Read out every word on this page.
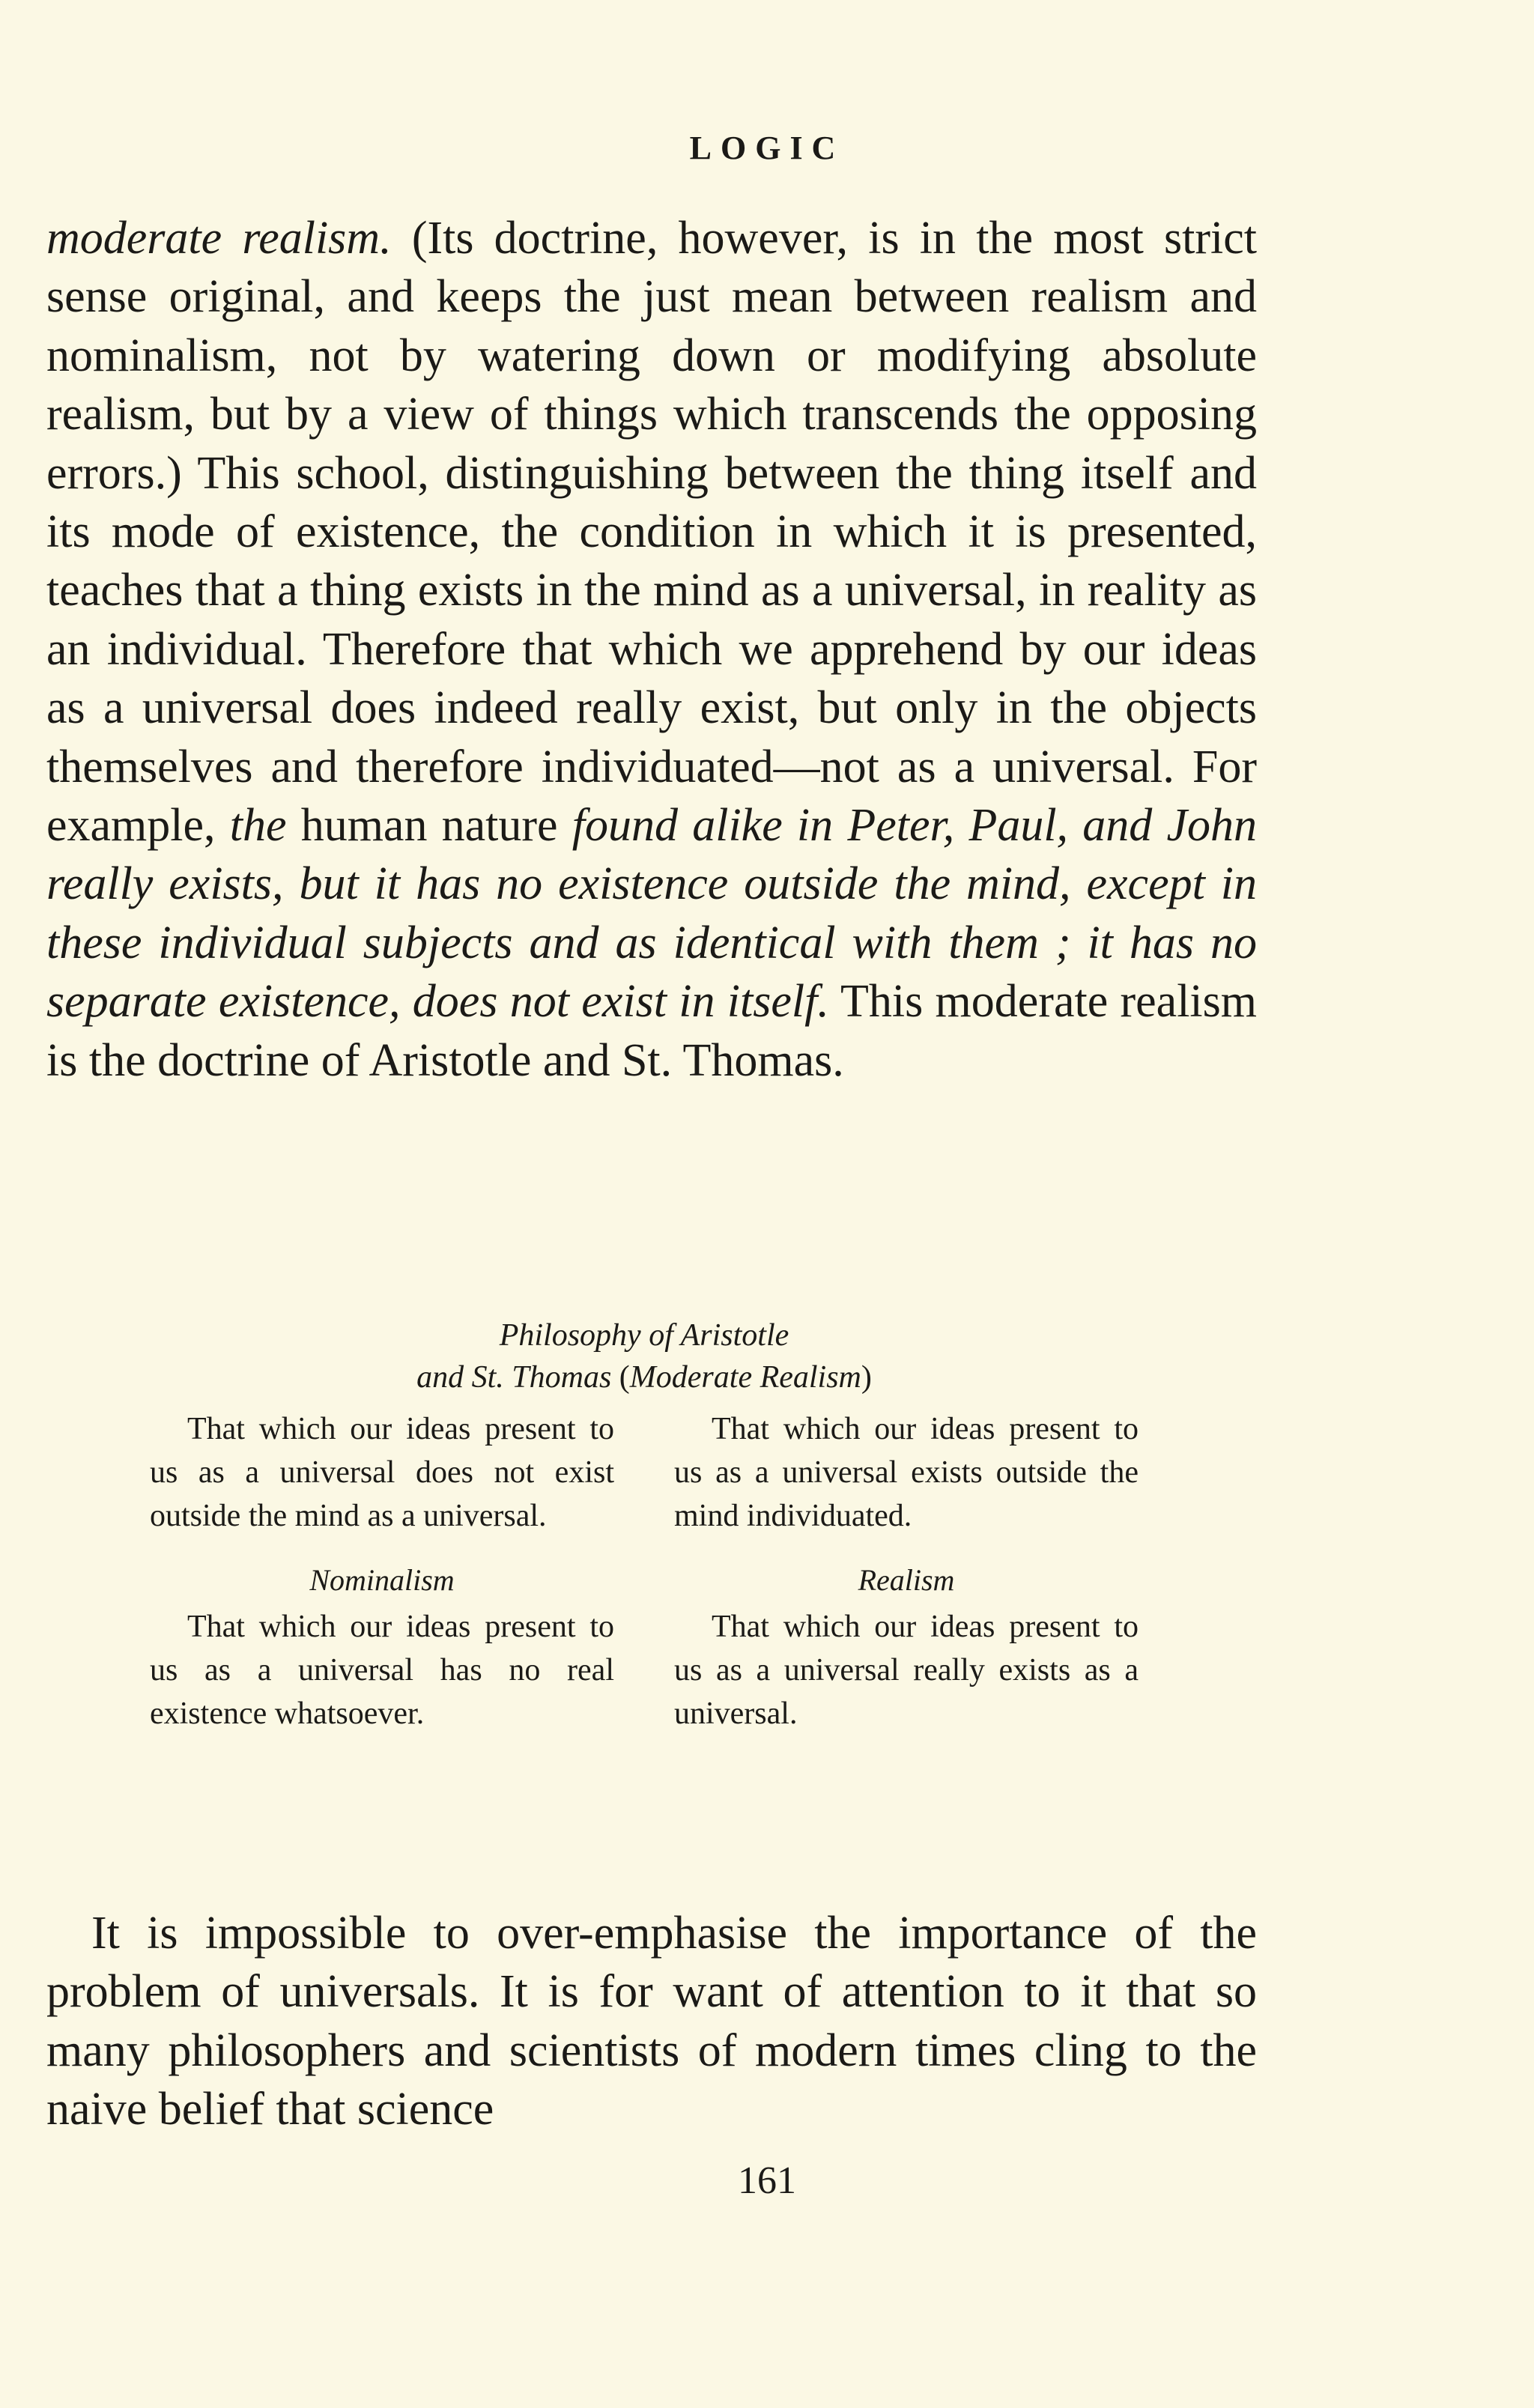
LOGIC

moderate realism. (Its doctrine, however, is in the most strict sense original, and keeps the just mean between realism and nominalism, not by watering down or modifying absolute realism, but by a view of things which transcends the opposing errors.) This school, distinguishing between the thing itself and its mode of existence, the condition in which it is presented, teaches that a thing exists in the mind as a universal, in reality as an individual. Therefore that which we apprehend by our ideas as a universal does indeed really exist, but only in the objects themselves and therefore individuated—not as a universal. For example, the human nature found alike in Peter, Paul, and John really exists, but it has no existence outside the mind, except in these individual subjects and as identical with them ; it has no separate existence, does not exist in itself. This moderate realism is the doctrine of Aristotle and St. Thomas.

Philosophy of Aristotle
and St. Thomas (Moderate Realism)
That which our ideas present to us as a universal does not exist outside the mind as a universal.
That which our ideas present to us as a universal exists outside the mind individuated.
Nominalism
That which our ideas present to us as a universal has no real existence whatsoever.
Realism
That which our ideas present to us as a universal really exists as a universal.

It is impossible to over-emphasise the importance of the problem of universals. It is for want of attention to it that so many philosophers and scientists of modern times cling to the naive belief that science

161
